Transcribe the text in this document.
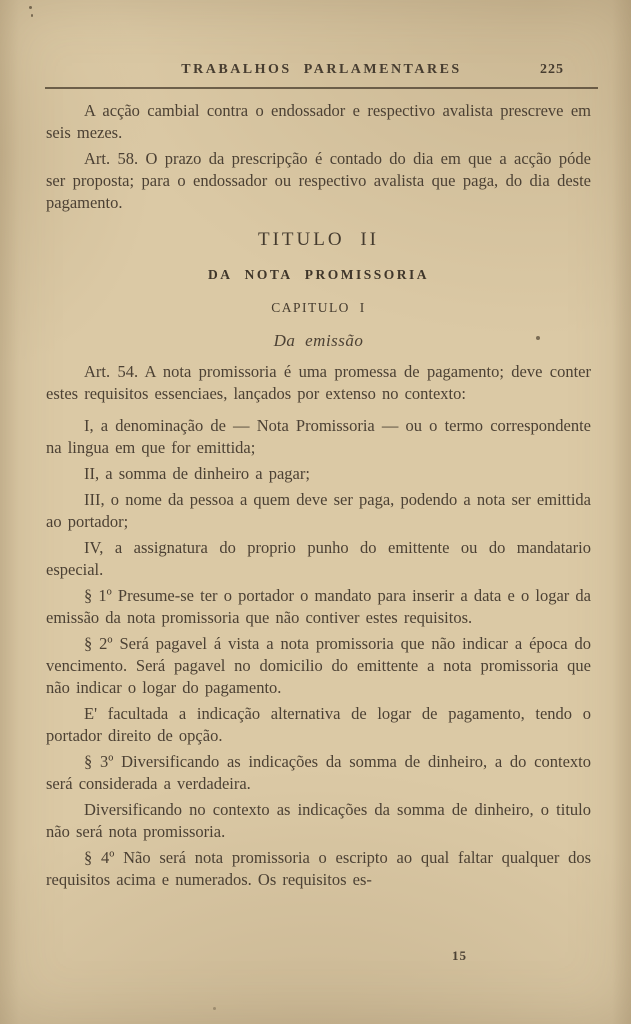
TRABALHOS PARLAMENTARES	225

A acção cambial contra o endossador e respectivo avalista prescreve em seis mezes.

Art. 58. O prazo da prescripção é contado do dia em que a acção póde ser proposta; para o endossador ou respectivo avalista que paga, do dia deste pagamento.

TITULO II
DA NOTA PROMISSORIA
CAPITULO I
Da emissão

Art. 54. A nota promissoria é uma promessa de pagamento; deve conter estes requisitos essenciaes, lançados por extenso no contexto:

I, a denominação de — Nota Promissoria — ou o termo correspondente na lingua em que for emittida;

II, a somma de dinheiro a pagar;

III, o nome da pessoa a quem deve ser paga, podendo a nota ser emittida ao portador;

IV, a assignatura do proprio punho do emittente ou do mandatario especial.

§ 1º Presume-se ter o portador o mandato para inserir a data e o logar da emissão da nota promissoria que não contiver estes requisitos.

§ 2º Será pagavel á vista a nota promissoria que não indicar a época do vencimento. Será pagavel no domicilio do emittente a nota promissoria que não indicar o logar do pagamento.

E' facultada a indicação alternativa de logar de pagamento, tendo o portador direito de opção.

§ 3º Diversificando as indicações da somma de dinheiro, a do contexto será considerada a verdadeira.

Diversificando no contexto as indicações da somma de dinheiro, o titulo não será nota promissoria.

§ 4º Não será nota promissoria o escripto ao qual faltar qualquer dos requisitos acima e numerados. Os requisitos es-

15
